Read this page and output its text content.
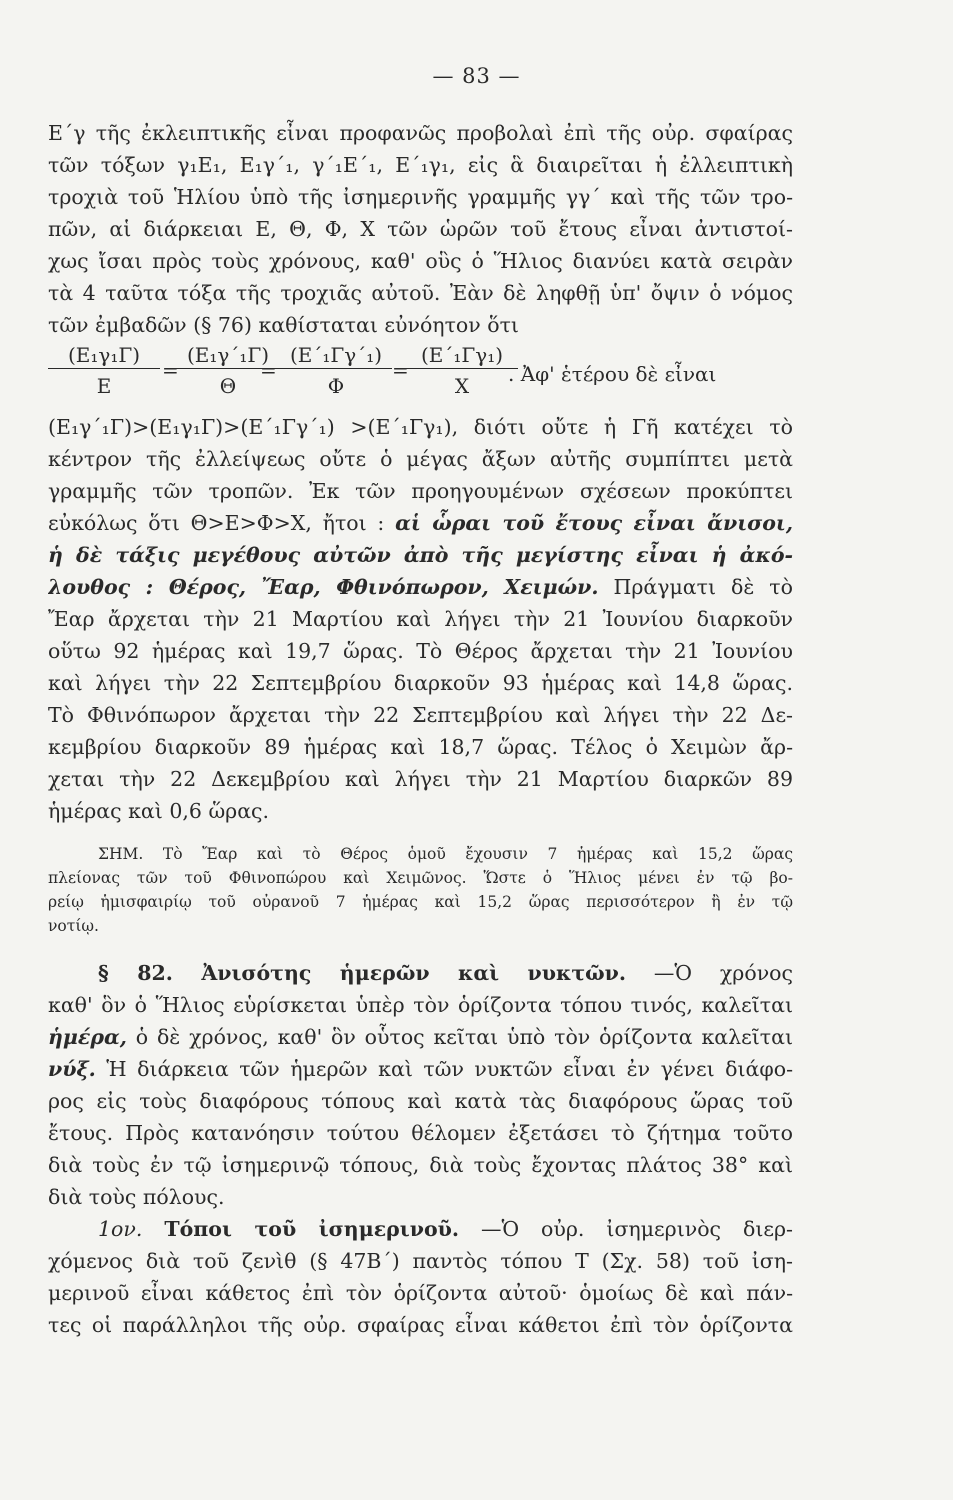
— 83 —
Ε΄γ τῆς ἐκλειπτικῆς εἶναι προφανῶς προβολαὶ ἐπὶ τῆς οὐρ. σφαίρας
τῶν τόξων γ₁Ε₁, Ε₁γ΄₁, γ΄₁Ε΄₁, Ε΄₁γ₁, εἰς ἃ διαιρεῖται ἡ ἐλλειπτικὴ
τροχιὰ τοῦ Ἡλίου ὑπὸ τῆς ἰσημερινῆς γραμμῆς γγ΄ καὶ τῆς τῶν τρο-
πῶν, αἱ διάρκειαι Ε, Θ, Φ, Χ τῶν ὡρῶν τοῦ ἔτους εἶναι ἀντιστοί-
χως ἴσαι πρὸς τοὺς χρόνους, καθ' οὓς ὁ Ἥλιος διανύει κατὰ σειρὰν
τὰ 4 ταῦτα τόξα τῆς τροχιᾶς αὐτοῦ. Ἐὰν δὲ ληφθῇ ὑπ' ὄψιν ὁ νόμος
τῶν ἐμβαδῶν (§ 76) καθίσταται εὐνόητον ὅτι
$\frac{\text{(Ε₁γ₁Γ)}}{E}$ =
$\frac{\text{(Ε₁γ΄₁Γ)}}{\Theta}$
= $\frac{\text{(Ε΄₁Γγ΄₁)}}{\Phi}$ =
$\frac{\text{(Ε΄₁Γγ₁)}}{X}$
. Ἀφ' ἑτέρου δὲ εἶναι
(Ε₁γ΄₁Γ)>(Ε₁γ₁Γ)>(Ε΄₁Γγ΄₁) >(Ε΄₁Γγ₁), διότι οὔτε ἡ Γῆ κατέχει τὸ
κέντρον τῆς ἐλλείψεως οὔτε ὁ μέγας ἄξων αὐτῆς συμπίπτει μετὰ
γραμμῆς τῶν τροπῶν. Ἐκ τῶν προηγουμένων σχέσεων προκύπτει
εὐκόλως ὅτι Θ>Ε>Φ>Χ, ἤτοι : αἱ ὧραι τοῦ ἔτους εἶναι ἄνισοι,
ἡ δὲ τάξις μεγέθους αὐτῶν ἀπὸ τῆς μεγίστης εἶναι ἡ ἀκό-
λουθος : Θέρος, Ἔαρ, Φθινόπωρον, Χειμών. Πράγματι δὲ τὸ
Ἔαρ ἄρχεται τὴν 21 Μαρτίου καὶ λήγει τὴν 21 Ἰουνίου διαρκοῦν
οὕτω 92 ἡμέρας καὶ 19,7 ὥρας. Τὸ Θέρος ἄρχεται τὴν 21 Ἰουνίου
καὶ λήγει τὴν 22 Σεπτεμβρίου διαρκοῦν 93 ἡμέρας καὶ 14,8 ὥρας.
Τὸ Φθινόπωρον ἄρχεται τὴν 22 Σεπτεμβρίου καὶ λήγει τὴν 22 Δε-
κεμβρίου διαρκοῦν 89 ἡμέρας καὶ 18,7 ὥρας. Τέλος ὁ Χειμὼν ἄρ-
χεται τὴν 22 Δεκεμβρίου καὶ λήγει τὴν 21 Μαρτίου διαρκῶν 89
ἡμέρας καὶ 0,6 ὥρας.
ΣΗΜ. Τὸ Ἔαρ καὶ τὸ Θέρος ὁμοῦ ἔχουσιν 7 ἡμέρας καὶ 15,2 ὥρας
πλείονας τῶν τοῦ Φθινοπώρου καὶ Χειμῶνος. Ὥστε ὁ Ἥλιος μένει ἐν τῷ βο-
ρείῳ ἡμισφαιρίῳ τοῦ οὐρανοῦ 7 ἡμέρας καὶ 15,2 ὥρας περισσότερον ἢ ἐν τῷ
νοτίῳ.
§ 82. Ἀνισότης ἡμερῶν καὶ νυκτῶν. —Ὁ χρόνος
καθ' ὃν ὁ Ἥλιος εὑρίσκεται ὑπὲρ τὸν ὁρίζοντα τόπου τινός, καλεῖται
ἡμέρα, ὁ δὲ χρόνος, καθ' ὃν οὗτος κεῖται ὑπὸ τὸν ὁρίζοντα καλεῖται
νύξ. Ἡ διάρκεια τῶν ἡμερῶν καὶ τῶν νυκτῶν εἶναι ἐν γένει διάφο-
ρος εἰς τοὺς διαφόρους τόπους καὶ κατὰ τὰς διαφόρους ὥρας τοῦ
ἔτους. Πρὸς κατανόησιν τούτου θέλομεν ἐξετάσει τὸ ζήτημα τοῦτο
διὰ τοὺς ἐν τῷ ἰσημερινῷ τόπους, διὰ τοὺς ἔχοντας πλάτος 38° καὶ
διὰ τοὺς πόλους.
1ον. Τόποι τοῦ ἰσημερινοῦ. —Ὁ οὐρ. ἰσημερινὸς διερ-
χόμενος διὰ τοῦ ζενὶθ (§ 47Β΄) παντὸς τόπου Τ (Σχ. 58) τοῦ ἰση-
μερινοῦ εἶναι κάθετος ἐπὶ τὸν ὁρίζοντα αὐτοῦ· ὁμοίως δὲ καὶ πάν-
τες οἱ παράλληλοι τῆς οὐρ. σφαίρας εἶναι κάθετοι ἐπὶ τὸν ὁρίζοντα
